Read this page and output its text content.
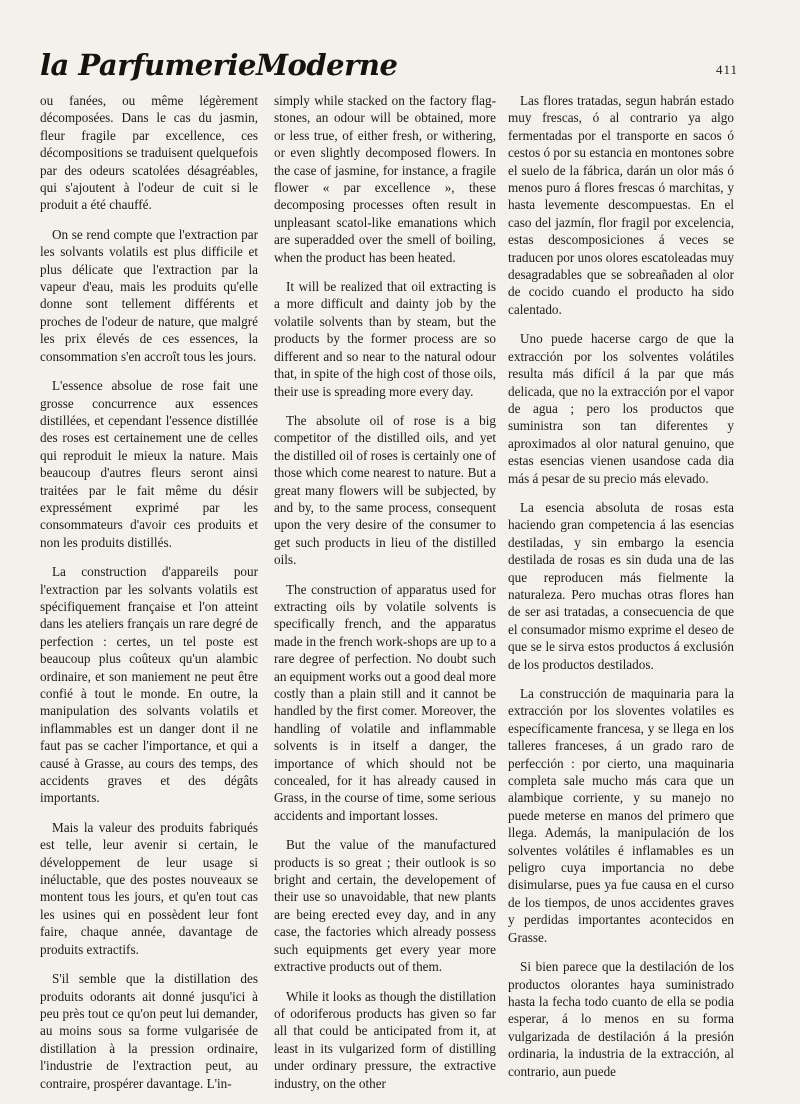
la ParfumerieModerne	411

ou fanées, ou même légèrement décomposées. Dans le cas du jasmin, fleur fragile par excellence, ces décompositions se traduisent quelquefois par des odeurs scatolées désagréables, qui s'ajoutent à l'odeur de cuit si le produit a été chauffé.

On se rend compte que l'extraction par les solvants volatils est plus difficile et plus délicate que l'extraction par la vapeur d'eau, mais les produits qu'elle donne sont tellement différents et proches de l'odeur de nature, que malgré les prix élevés de ces essences, la consommation s'en accroît tous les jours.

L'essence absolue de rose fait une grosse concurrence aux essences distillées, et cependant l'essence distillée des roses est certainement une de celles qui reproduit le mieux la nature. Mais beaucoup d'autres fleurs seront ainsi traitées par le fait même du désir expressément exprimé par les consommateurs d'avoir ces produits et non les produits distillés.

La construction d'appareils pour l'extraction par les solvants volatils est spécifiquement française et l'on atteint dans les ateliers français un rare degré de perfection : certes, un tel poste est beaucoup plus coûteux qu'un alambic ordinaire, et son maniement ne peut être confié à tout le monde. En outre, la manipulation des solvants volatils et inflammables est un danger dont il ne faut pas se cacher l'importance, et qui a causé à Grasse, au cours des temps, des accidents graves et des dégâts importants.

Mais la valeur des produits fabriqués est telle, leur avenir si certain, le développement de leur usage si inéluctable, que des postes nouveaux se montent tous les jours, et qu'en tout cas les usines qui en possèdent leur font faire, chaque année, davantage de produits extractifs.

S'il semble que la distillation des produits odorants ait donné jusqu'ici à peu près tout ce qu'on peut lui demander, au moins sous sa forme vulgarisée de distillation à la pression ordinaire, l'industrie de l'extraction peut, au contraire, prospérer davantage. L'in-

simply while stacked on the factory flag-stones, an odour will be obtained, more or less true, of either fresh, or withering, or even slightly decomposed flowers. In the case of jasmine, for instance, a fragile flower « par excellence », these decomposing processes often result in unpleasant scatol-like emanations which are superadded over the smell of boiling, when the product has been heated.

It will be realized that oil extracting is a more difficult and dainty job by the volatile solvents than by steam, but the products by the former process are so different and so near to the natural odour that, in spite of the high cost of those oils, their use is spreading more every day.

The absolute oil of rose is a big competitor of the distilled oils, and yet the distilled oil of roses is certainly one of those which come nearest to nature. But a great many flowers will be subjected, by and by, to the same process, consequent upon the very desire of the consumer to get such products in lieu of the distilled oils.

The construction of apparatus used for extracting oils by volatile solvents is specifically french, and the apparatus made in the french work-shops are up to a rare degree of perfection. No doubt such an equipment works out a good deal more costly than a plain still and it cannot be handled by the first comer. Moreover, the handling of volatile and inflammable solvents is in itself a danger, the importance of which should not be concealed, for it has already caused in Grass, in the course of time, some serious accidents and important losses.

But the value of the manufactured products is so great ; their outlook is so bright and certain, the developement of their use so unavoidable, that new plants are being erected evey day, and in any case, the factories which already possess such equipments get every year more extractive products out of them.

While it looks as though the distillation of odoriferous products has given so far all that could be anticipated from it, at least in its vulgarized form of distilling under ordinary pressure, the extractive industry, on the other

Las flores tratadas, segun habrán estado muy frescas, ó al contrario ya algo fermentadas por el transporte en sacos ó cestos ó por su estancia en montones sobre el suelo de la fábrica, darán un olor más ó menos puro á flores frescas ó marchitas, y hasta levemente descompuestas. En el caso del jazmín, flor fragil por excelencia, estas descomposiciones á veces se traducen por unos olores escatoleadas muy desagradables que se sobreañaden al olor de cocido cuando el producto ha sido calentado.

Uno puede hacerse cargo de que la extracción por los solventes volátiles resulta más difícil á la par que más delicada, que no la extracción por el vapor de agua ; pero los productos que suministra son tan diferentes y aproximados al olor natural genuino, que estas esencias vienen usandose cada dia más á pesar de su precio más elevado.

La esencia absoluta de rosas esta haciendo gran competencia á las esencias destiladas, y sin embargo la esencia destilada de rosas es sin duda una de las que reproducen más fielmente la naturaleza. Pero muchas otras flores han de ser asi tratadas, a consecuencia de que el consumador mismo exprime el deseo de que se le sirva estos productos á exclusión de los productos destilados.

La construcción de maquinaria para la extracción por los sloventes volatiles es específicamente francesa, y se llega en los talleres franceses, á un grado raro de perfección : por cierto, una maquinaria completa sale mucho más cara que un alambique corriente, y su manejo no puede meterse en manos del primero que llega. Además, la manipulación de los solventes volátiles é inflamables es un peligro cuya importancia no debe disimularse, pues ya fue causa en el curso de los tiempos, de unos accidentes graves y perdidas importantes acontecidos en Grasse.

Si bien parece que la destilación de los productos olorantes haya suministrado hasta la fecha todo cuanto de ella se podia esperar, á lo menos en su forma vulgarizada de destilación á la presión ordinaria, la industria de la extracción, al contrario, aun puede
